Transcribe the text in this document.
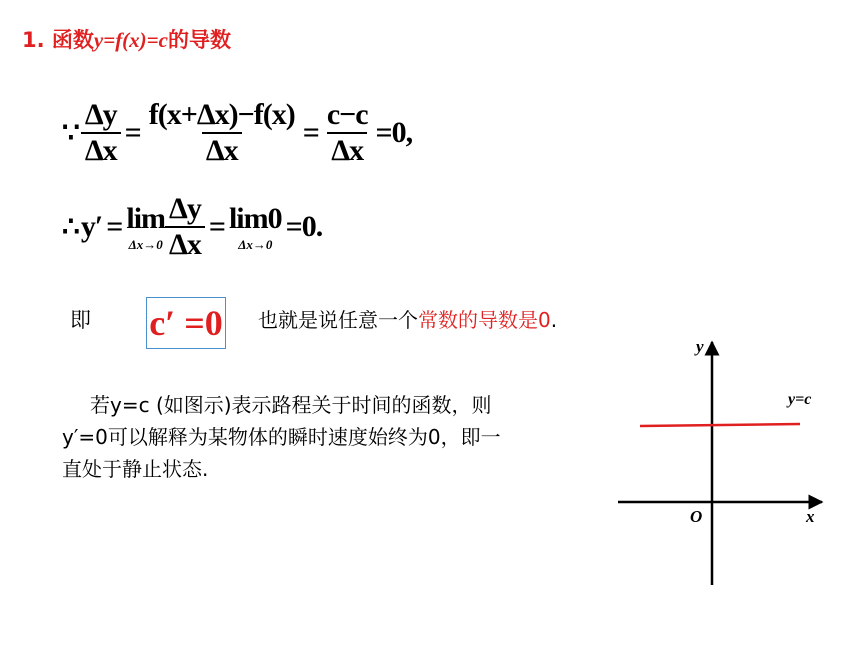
1. 函数y=f(x)=c的导数
∵ $\frac{\Delta y}{\Delta x} = \frac{f(x+\Delta x)-f(x)}{\Delta x} = \frac{c-c}{\Delta x} =0$,
∴ y′ = lim
$\Delta x\to 0 \frac{\Delta y}{\Delta x} = \lim 0$
Δx→0
=0.
即 c′ =0 也就是说任意一个常数的导数是0.
若y=c (如图示)表示路程关于时间的函数，则
y′=0可以解释为某物体的瞬时速度始终为0，即一
直处于静止状态.
y
x
O
y=c
